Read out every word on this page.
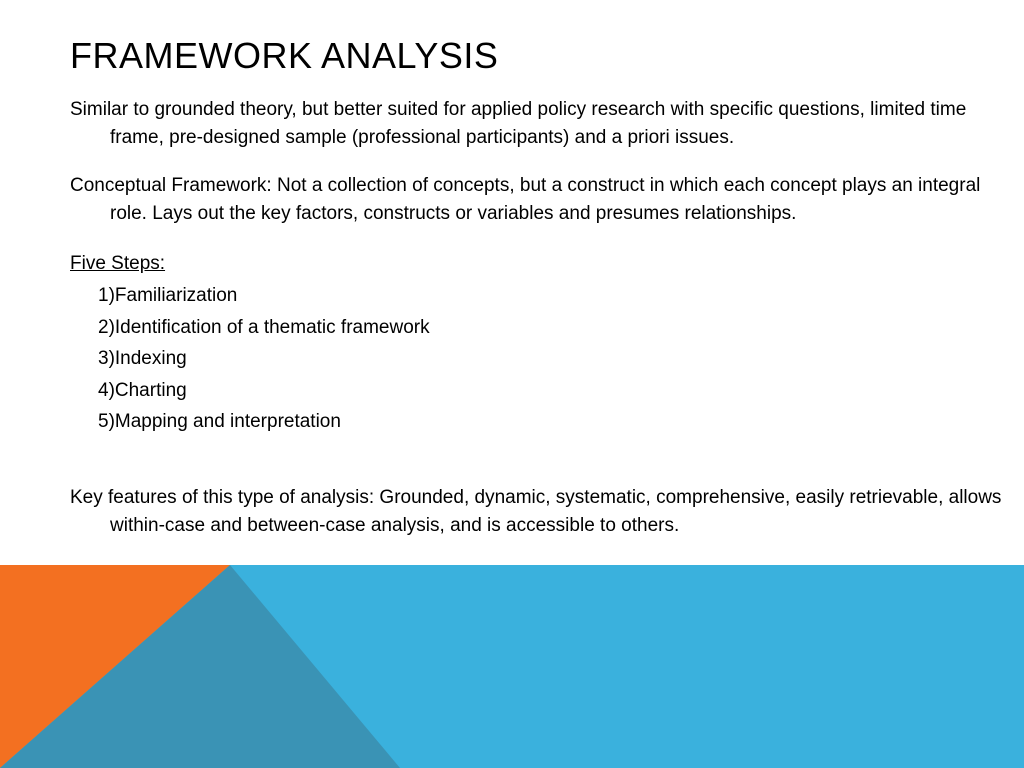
FRAMEWORK ANALYSIS

Similar to grounded theory, but better suited for applied policy research with specific questions, limited time frame, pre-designed sample (professional participants) and a priori issues.

Conceptual Framework: Not a collection of concepts, but a construct in which each concept plays an integral role. Lays out the key factors, constructs or variables and presumes relationships.

Five Steps:

1)Familiarization
2)Identification of a thematic framework
3)Indexing
4)Charting
5)Mapping and interpretation

Key features of this type of analysis: Grounded, dynamic, systematic, comprehensive, easily retrievable, allows within-case and between-case analysis, and is accessible to others.
